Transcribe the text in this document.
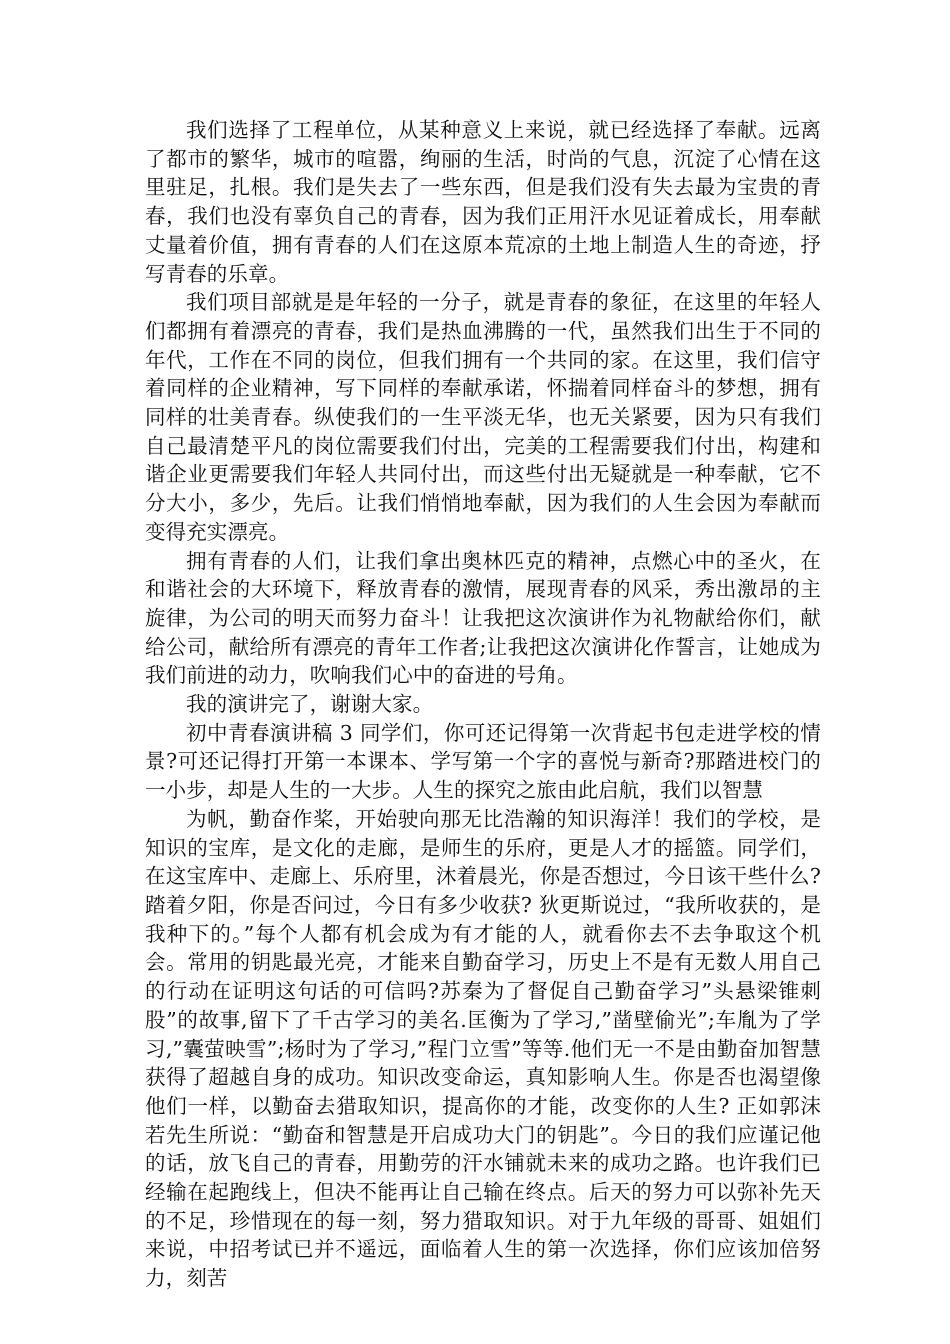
我们选择了工程单位，从某种意义上来说，就已经选择了奉献。远离了都市的繁华，城市的喧嚣，绚丽的生活，时尚的气息，沉淀了心情在这里驻足，扎根。我们是失去了一些东西，但是我们没有失去最为宝贵的青春，我们也没有辜负自己的青春，因为我们正用汗水见证着成长，用奉献丈量着价值，拥有青春的人们在这原本荒凉的土地上制造人生的奇迹，抒写青春的乐章。

我们项目部就是是年轻的一分子，就是青春的象征，在这里的年轻人们都拥有着漂亮的青春，我们是热血沸腾的一代，虽然我们出生于不同的年代，工作在不同的岗位，但我们拥有一个共同的家。在这里，我们信守着同样的企业精神，写下同样的奉献承诺，怀揣着同样奋斗的梦想，拥有同样的壮美青春。纵使我们的一生平淡无华，也无关紧要，因为只有我们自己最清楚平凡的岗位需要我们付出，完美的工程需要我们付出，构建和谐企业更需要我们年轻人共同付出，而这些付出无疑就是一种奉献，它不分大小，多少，先后。让我们悄悄地奉献，因为我们的人生会因为奉献而变得充实漂亮。

拥有青春的人们，让我们拿出奥林匹克的精神，点燃心中的圣火，在和谐社会的大环境下，释放青春的激情，展现青春的风采，秀出激昂的主旋律，为公司的明天而努力奋斗！让我把这次演讲作为礼物献给你们，献给公司，献给所有漂亮的青年工作者;让我把这次演讲化作誓言，让她成为我们前进的动力，吹响我们心中的奋进的号角。

我的演讲完了，谢谢大家。

初中青春演讲稿 3 同学们，你可还记得第一次背起书包走进学校的情景?可还记得打开第一本课本、学写第一个字的喜悦与新奇?那踏进校门的一小步，却是人生的一大步。人生的探究之旅由此启航，我们以智慧

为帆，勤奋作桨，开始驶向那无比浩瀚的知识海洋！我们的学校，是知识的宝库，是文化的走廊，是师生的乐府，更是人才的摇篮。同学们，在这宝库中、走廊上、乐府里，沐着晨光，你是否想过，今日该干些什么?踏着夕阳，你是否问过，今日有多少收获? 狄更斯说过，“我所收获的，是我种下的。”每个人都有机会成为有才能的人，就看你去不去争取这个机会。常用的钥匙最光亮，才能来自勤奋学习，历史上不是有无数人用自己的行动在证明这句话的可信吗?苏秦为了督促自己勤奋学习”头悬梁锥刺股”的故事,留下了千古学习的美名.匡衡为了学习,”凿壁偷光”;车胤为了学习,”囊萤映雪”;杨时为了学习,”程门立雪”等等.他们无一不是由勤奋加智慧获得了超越自身的成功。知识改变命运，真知影响人生。你是否也渴望像他们一样，以勤奋去猎取知识，提高你的才能，改变你的人生? 正如郭沫若先生所说：“勤奋和智慧是开启成功大门的钥匙”。今日的我们应谨记他的话，放飞自己的青春，用勤劳的汗水铺就未来的成功之路。也许我们已经输在起跑线上，但决不能再让自己输在终点。后天的努力可以弥补先天的不足，珍惜现在的每一刻，努力猎取知识。对于九年级的哥哥、姐姐们来说，中招考试已并不遥远，面临着人生的第一次选择，你们应该加倍努力，刻苦
